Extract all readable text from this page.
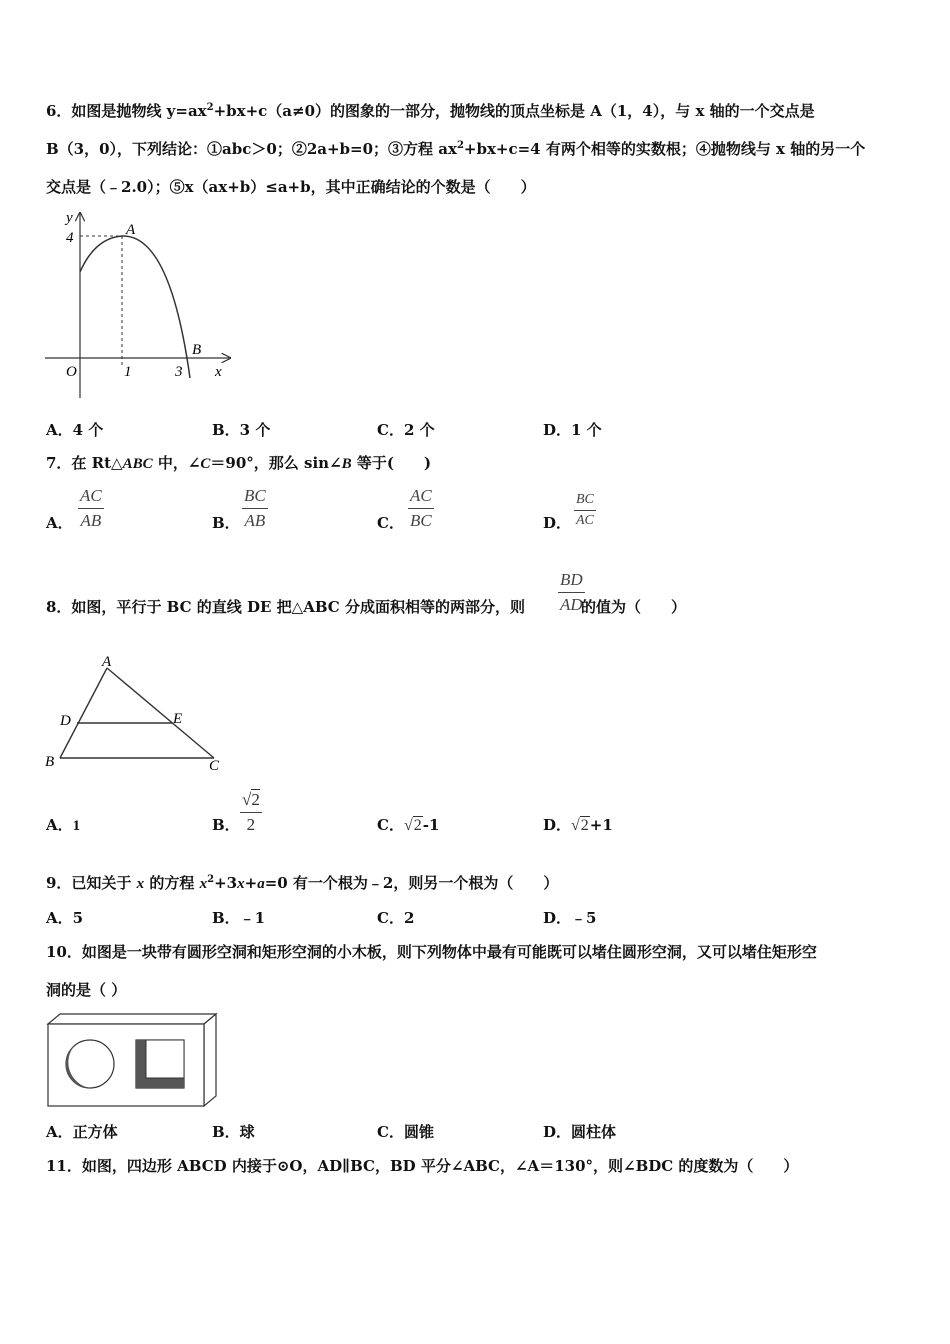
6．如图是抛物线 $y=ax^2+bx+c(a\ne 0)$的图象的一部分，抛物线的顶点坐标是 A（1，4），与 x 轴的一个交点是
B（3，0），下列结论：①abc＞0；②2a+b=0；③方程 $ax^2+bx+c=4$ 有两个相等的实数根；④抛物线与 x 轴的另一个
交点是（﹣2.0）；⑤x（ax+b）≤a+b，其中正确结论的个数是（　　）
y
4	A
B
O	1	3 x
A．4 个	B．3 个	C．2 个	D．1 个
7．在 Rt△ABC 中，∠C＝90°，那么 sin∠B 等于(　　)
A． $\frac{AC}{AB}$	B． $\frac{BC}{AB}$	C． $\frac{AC}{BC}$	D． $\frac{BC}{AC}$
8．如图，平行于 BC 的直线 DE 把△ABC 分成面积相等的两部分，则	的值为（　　）
$\frac{BD}{AD}$
A
D	E
B	C
A．1	B． $\frac{√2}{2}$	C．√2-1	D．√2+1
9．已知关于 x 的方程 $x^2+3x+a=0$ 有一个根为﹣2，则另一个根为（　　）
A．5	B．﹣1	C．2	D．﹣5
10．如图是一块带有圆形空洞和矩形空洞的小木板，则下列物体中最有可能既可以堵住圆形空洞，又可以堵住矩形空
洞的是（ ）
A．正方体	B．球	C．圆锥	D．圆柱体
11．如图，四边形 ABCD 内接于⊙O，AD∥BC，BD 平分∠ABC，∠A＝130°，则∠BDC 的度数为（　　）
